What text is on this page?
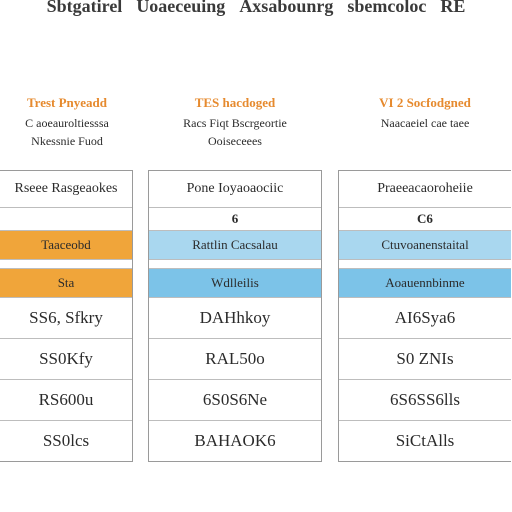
Sbtgatirel Uoaeceuing Axsabounrg sbemcoloc RE
Trest Pnyeadd
C aoeauroltiesssa
Nkessnie Fuod
Rseee Rasgeaokes
Taaceobd
Sta
SS6, Sfkry
SS0Kfy
RS600u
SS0lcs
TES hacdoged
Racs Fiqt Bscrgeortie
Ooiseceees
Pone Ioyaoaociic
6
Rattlin Cacsalau
Wdlleilis
DAHhkoy
RAL50o
6S0S6Ne
BAHAOK6
VI 2 Socfodgned
Naacaeiel cae taee
Praeeacaoroheiie
C6
Ctuvoanenstaital
Aoauennbinme
AI6Sya6
S0 ZNIs
6S6SS6lls
SiCtAlls
